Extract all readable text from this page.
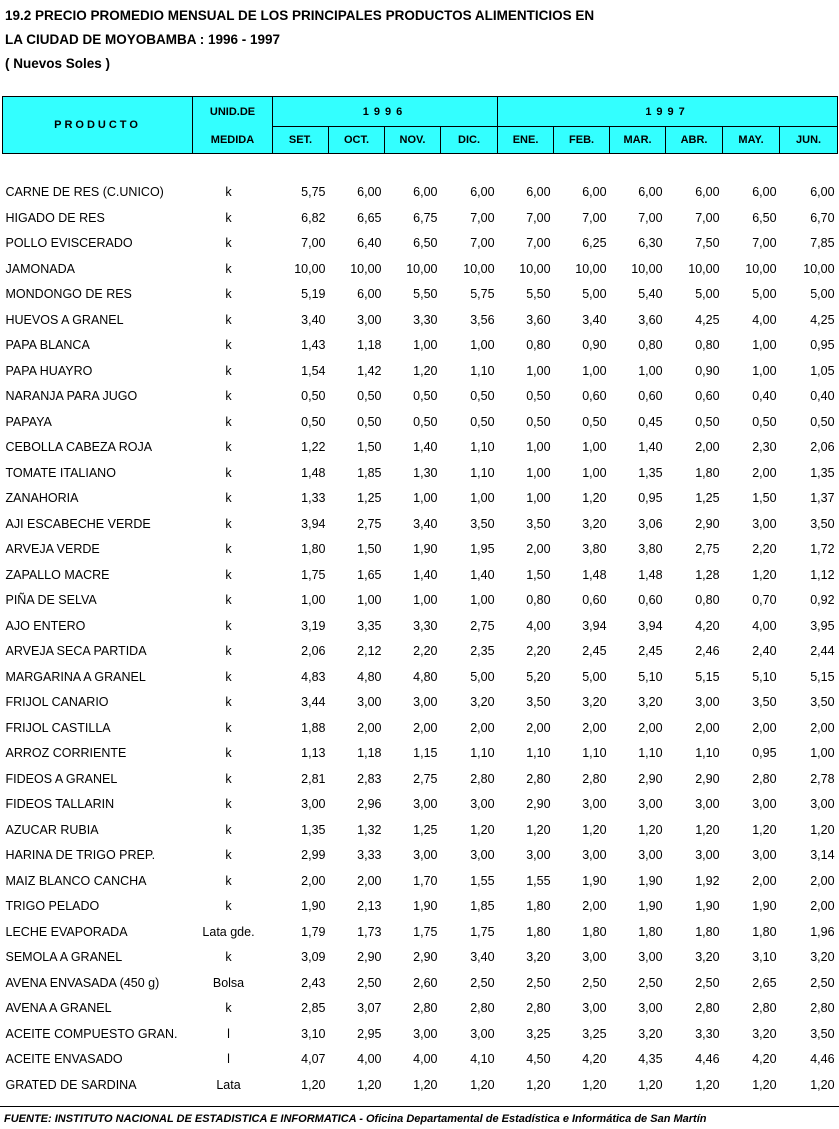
19.2 PRECIO PROMEDIO MENSUAL DE LOS PRINCIPALES PRODUCTOS ALIMENTICIOS EN
LA CIUDAD DE MOYOBAMBA : 1996 - 1997
( Nuevos Soles )
PRODUCTO	UNID.DE	1996				1997					
	MEDIDA	SET.	OCT.	NOV.	DIC.	ENE.	FEB.	MAR.	ABR.	MAY.	JUN.

CARNE DE RES (C.UNICO)	k	5,75	6,00	6,00	6,00	6,00	6,00	6,00	6,00	6,00	6,00
HIGADO DE RES	k	6,82	6,65	6,75	7,00	7,00	7,00	7,00	7,00	6,50	6,70
POLLO EVISCERADO	k	7,00	6,40	6,50	7,00	7,00	6,25	6,30	7,50	7,00	7,85
JAMONADA	k	10,00	10,00	10,00	10,00	10,00	10,00	10,00	10,00	10,00	10,00
MONDONGO DE RES	k	5,19	6,00	5,50	5,75	5,50	5,00	5,40	5,00	5,00	5,00
HUEVOS A GRANEL	k	3,40	3,00	3,30	3,56	3,60	3,40	3,60	4,25	4,00	4,25
PAPA BLANCA	k	1,43	1,18	1,00	1,00	0,80	0,90	0,80	0,80	1,00	0,95
PAPA HUAYRO	k	1,54	1,42	1,20	1,10	1,00	1,00	1,00	0,90	1,00	1,05
NARANJA PARA JUGO	k	0,50	0,50	0,50	0,50	0,50	0,60	0,60	0,60	0,40	0,40
PAPAYA	k	0,50	0,50	0,50	0,50	0,50	0,50	0,45	0,50	0,50	0,50
CEBOLLA CABEZA ROJA	k	1,22	1,50	1,40	1,10	1,00	1,00	1,40	2,00	2,30	2,06
TOMATE ITALIANO	k	1,48	1,85	1,30	1,10	1,00	1,00	1,35	1,80	2,00	1,35
ZANAHORIA	k	1,33	1,25	1,00	1,00	1,00	1,20	0,95	1,25	1,50	1,37
AJI ESCABECHE VERDE	k	3,94	2,75	3,40	3,50	3,50	3,20	3,06	2,90	3,00	3,50
ARVEJA VERDE	k	1,80	1,50	1,90	1,95	2,00	3,80	3,80	2,75	2,20	1,72
ZAPALLO MACRE	k	1,75	1,65	1,40	1,40	1,50	1,48	1,48	1,28	1,20	1,12
PIÑA DE SELVA	k	1,00	1,00	1,00	1,00	0,80	0,60	0,60	0,80	0,70	0,92
AJO ENTERO	k	3,19	3,35	3,30	2,75	4,00	3,94	3,94	4,20	4,00	3,95
ARVEJA SECA PARTIDA	k	2,06	2,12	2,20	2,35	2,20	2,45	2,45	2,46	2,40	2,44
MARGARINA A GRANEL	k	4,83	4,80	4,80	5,00	5,20	5,00	5,10	5,15	5,10	5,15
FRIJOL CANARIO	k	3,44	3,00	3,00	3,20	3,50	3,20	3,20	3,00	3,50	3,50
FRIJOL CASTILLA	k	1,88	2,00	2,00	2,00	2,00	2,00	2,00	2,00	2,00	2,00
ARROZ CORRIENTE	k	1,13	1,18	1,15	1,10	1,10	1,10	1,10	1,10	0,95	1,00
FIDEOS A GRANEL	k	2,81	2,83	2,75	2,80	2,80	2,80	2,90	2,90	2,80	2,78
FIDEOS TALLARIN	k	3,00	2,96	3,00	3,00	2,90	3,00	3,00	3,00	3,00	3,00
AZUCAR RUBIA	k	1,35	1,32	1,25	1,20	1,20	1,20	1,20	1,20	1,20	1,20
HARINA DE TRIGO PREP.	k	2,99	3,33	3,00	3,00	3,00	3,00	3,00	3,00	3,00	3,14
MAIZ BLANCO CANCHA	k	2,00	2,00	1,70	1,55	1,55	1,90	1,90	1,92	2,00	2,00
TRIGO PELADO	k	1,90	2,13	1,90	1,85	1,80	2,00	1,90	1,90	1,90	2,00
LECHE EVAPORADA	Lata gde.	1,79	1,73	1,75	1,75	1,80	1,80	1,80	1,80	1,80	1,96
SEMOLA A GRANEL	k	3,09	2,90	2,90	3,40	3,20	3,00	3,00	3,20	3,10	3,20
AVENA ENVASADA (450 g)	Bolsa	2,43	2,50	2,60	2,50	2,50	2,50	2,50	2,50	2,65	2,50
AVENA A GRANEL	k	2,85	3,07	2,80	2,80	2,80	3,00	3,00	2,80	2,80	2,80
ACEITE COMPUESTO GRAN.	l	3,10	2,95	3,00	3,00	3,25	3,25	3,20	3,30	3,20	3,50
ACEITE ENVASADO	l	4,07	4,00	4,00	4,10	4,50	4,20	4,35	4,46	4,20	4,46
GRATED DE SARDINA	Lata	1,20	1,20	1,20	1,20	1,20	1,20	1,20	1,20	1,20	1,20
FUENTE: INSTITUTO NACIONAL DE ESTADISTICA E INFORMATICA - Oficina Departamental de Estadística e Informática de San Martín
